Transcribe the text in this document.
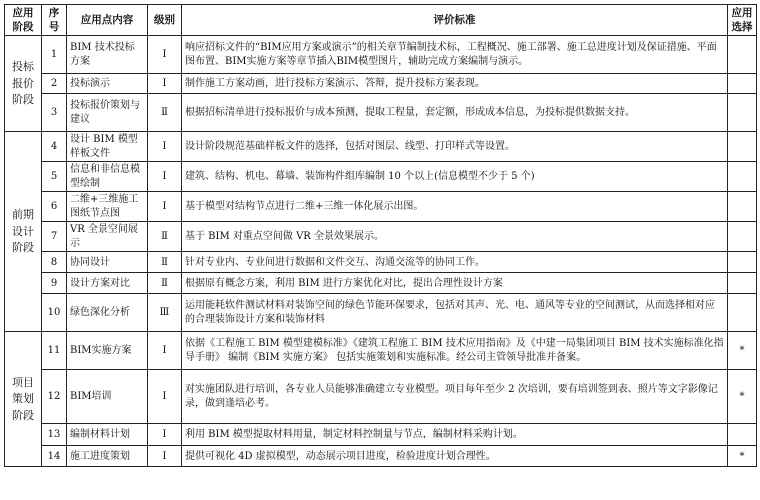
应用阶段	序号	应用点内容	级别	评价标准	应用选择
投标报价阶段	1	BIM 技术投标方案	Ⅰ	响应招标文件的“BIM应用方案或演示”的相关章节编制技术标，工程概况、施工部署、施工总进度计划及保证措施、平面图布置、BIM实施方案等章节插入BIM模型图片，辅助完成方案编制与演示。	
	2	投标演示	Ⅰ	制作施工方案动画，进行投标方案演示、答辩，提升投标方案表现。	
	3	投标报价策划与建议	Ⅱ	根据招标清单进行投标报价与成本预测，提取工程量，套定额，形成成本信息，为投标提供数据支持。	
前期设计阶段	4	设计 BIM 模型样板文件	Ⅰ	设计阶段规范基础样板文件的选择，包括对图层、线型、打印样式等设置。	
	5	信息和非信息模型绘制	Ⅰ	建筑、结构、机电、幕墙、装饰构件组库编制 10 个以上(信息模型不少于 5 个)	
	6	二维+三维施工图纸节点图	Ⅰ	基于模型对结构节点进行二维+三维一体化展示出图。	
	7	VR 全景空间展示	Ⅱ	基于 BIM 对重点空间做 VR 全景效果展示。	
	8	协同设计	Ⅱ	针对专业内、专业间进行数据和文件交互、沟通交流等的协同工作。	
	9	设计方案对比	Ⅱ	根据原有概念方案，利用 BIM 进行方案优化对比，提出合理性设计方案	
	10	绿色深化分析	Ⅲ	运用能耗软件测试材料对装饰空间的绿色节能环保要求，包括对其声、光、电、通风等专业的空间测试，从而选择相对应的合理装饰设计方案和装饰材料	
项目策划阶段	11	BIM实施方案	Ⅰ	依据《工程施工 BIM 模型建模标准》《建筑工程施工 BIM 技术应用指南》及《中建一局集团项目 BIM 技术实施标准化指导手册》 编制《BIM 实施方案》 包括实施策划和实施标准。经公司主管领导批准并备案。	*
	12	BIM培训	Ⅰ	对实施团队进行培训，各专业人员能够准确建立专业模型。项目每年至少 2 次培训，要有培训签到表、照片等文字影像记录，做到逢培必考。	*
	13	编制材料计划	Ⅰ	利用 BIM 模型提取材料用量，制定材料控制量与节点，编制材料采购计划。	
	14	施工进度策划	Ⅰ	提供可视化 4D 虚拟模型，动态展示项目进度，检验进度计划合理性。	*
